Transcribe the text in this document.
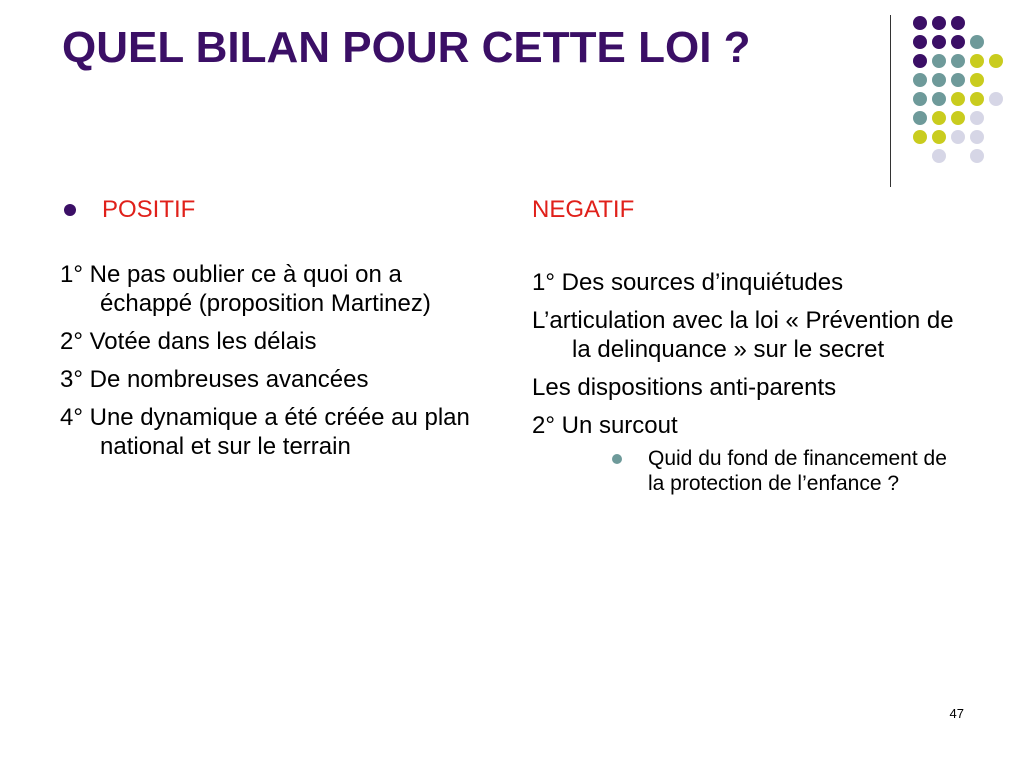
QUEL BILAN POUR CETTE LOI ?
POSITIF
1° Ne pas oublier ce à quoi on a échappé (proposition Martinez)
2° Votée dans les délais
3° De nombreuses avancées
4° Une dynamique a été créée au plan national et sur le terrain
NEGATIF
1° Des sources d’inquiétudes
L’articulation avec la loi « Prévention de la delinquance » sur le secret
Les dispositions anti-parents
2° Un surcout
Quid du fond de financement de la protection de l’enfance ?
47
